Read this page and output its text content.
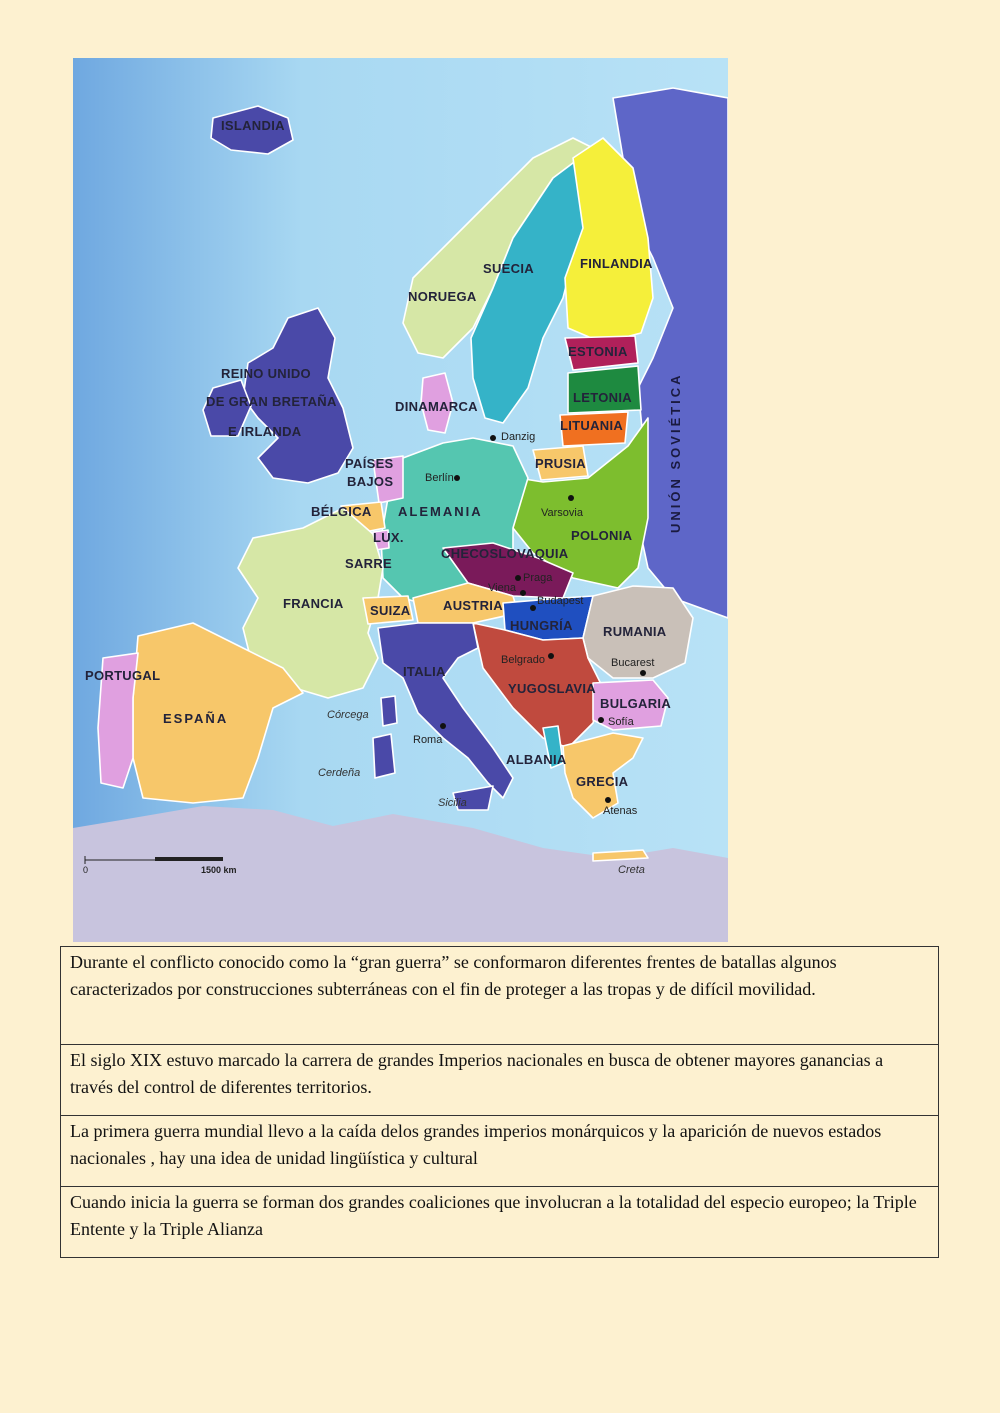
ISLANDIA
NORUEGA
SUECIA	FINLANDIA
ESTONIA
LETONIA
LITUANIA
PRUSIA
POLONIA
UNIÓN SOVIÉTICA
REINO UNIDO
DE GRAN BRETAÑA
E IRLANDA
DINAMARCA
PAÍSES
BAJOS
BÉLGICA
LUX.
SARRE
ALEMANIA
CHECOSLOVAQUIA
FRANCIA SUIZA	AUSTRIA
HUNGRÍA RUMANIA
ITALIA
YUGOSLAVIA
BULGARIA
ALBANIA
GRECIA
PORTUGAL
ESPAÑA
Danzig
Berlín
Varsovia
Praga
Viena
Budapest
Belgrado	Bucarest
Sofía
Roma
Atenas
Córcega
Cerdeña
Sicilia
Creta
0	1500 km
Durante el conflicto conocido como la “gran guerra” se conformaron diferentes frentes de batallas algunos caracterizados por construcciones subterráneas con el fin de proteger a las tropas y de difícil movilidad.
El siglo XIX estuvo marcado la carrera de grandes Imperios nacionales en busca de obtener mayores ganancias a través del control de diferentes territorios.
La primera guerra mundial llevo a la caída delos grandes imperios monárquicos y la aparición de nuevos estados nacionales , hay una idea de unidad lingüística y cultural
Cuando inicia la guerra se forman dos grandes coaliciones que involucran a la totalidad del especio europeo; la Triple Entente y la Triple Alianza
